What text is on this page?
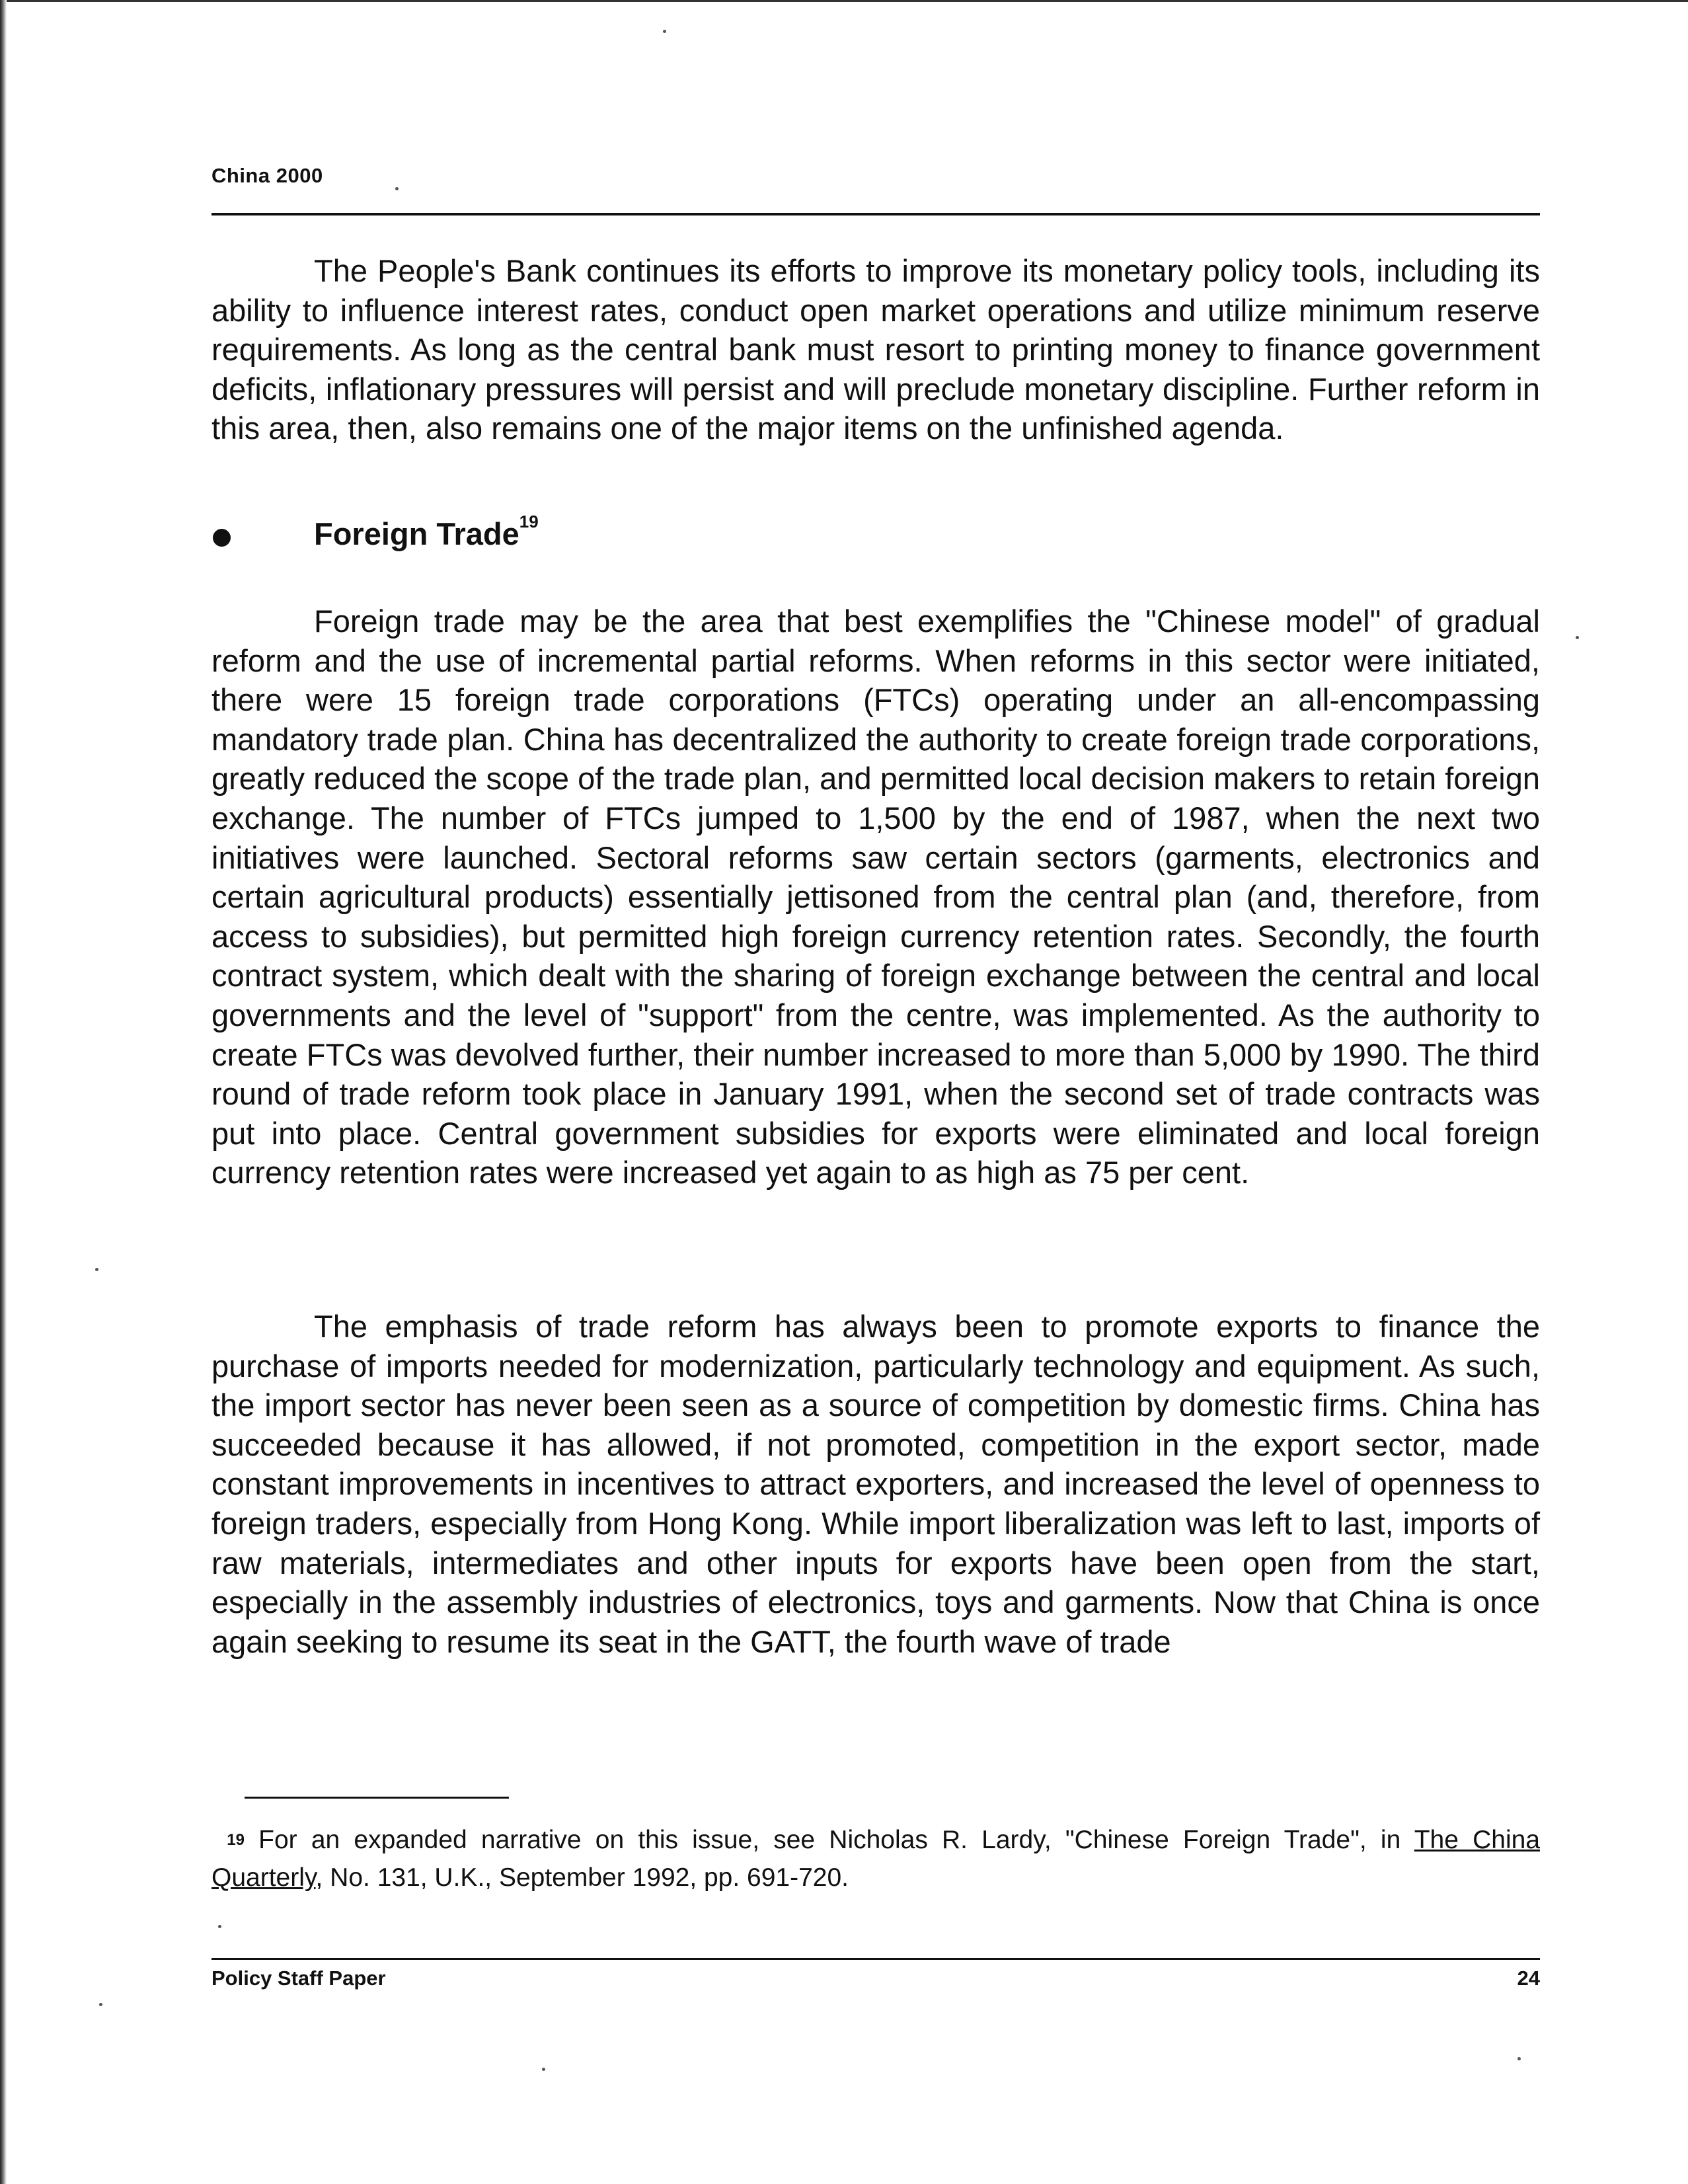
China 2000

The People's Bank continues its efforts to improve its monetary policy tools, including its ability to influence interest rates, conduct open market operations and utilize minimum reserve requirements. As long as the central bank must resort to printing money to finance government deficits, inflationary pressures will persist and will preclude monetary discipline. Further reform in this area, then, also remains one of the major items on the unfinished agenda.

Foreign Trade$^{19}$

Foreign trade may be the area that best exemplifies the "Chinese model" of gradual reform and the use of incremental partial reforms. When reforms in this sector were initiated, there were 15 foreign trade corporations (FTCs) operating under an all-encompassing mandatory trade plan. China has decentralized the authority to create foreign trade corporations, greatly reduced the scope of the trade plan, and permitted local decision makers to retain foreign exchange. The number of FTCs jumped to 1,500 by the end of 1987, when the next two initiatives were launched. Sectoral reforms saw certain sectors (garments, electronics and certain agricultural products) essentially jettisoned from the central plan (and, therefore, from access to subsidies), but permitted high foreign currency retention rates. Secondly, the fourth contract system, which dealt with the sharing of foreign exchange between the central and local governments and the level of "support" from the centre, was implemented. As the authority to create FTCs was devolved further, their number increased to more than 5,000 by 1990. The third round of trade reform took place in January 1991, when the second set of trade contracts was put into place. Central government subsidies for exports were eliminated and local foreign currency retention rates were increased yet again to as high as 75 per cent.

The emphasis of trade reform has always been to promote exports to finance the purchase of imports needed for modernization, particularly technology and equipment. As such, the import sector has never been seen as a source of competition by domestic firms. China has succeeded because it has allowed, if not promoted, competition in the export sector, made constant improvements in incentives to attract exporters, and increased the level of openness to foreign traders, especially from Hong Kong. While import liberalization was left to last, imports of raw materials, intermediates and other inputs for exports have been open from the start, especially in the assembly industries of electronics, toys and garments. Now that China is once again seeking to resume its seat in the GATT, the fourth wave of trade

19 For an expanded narrative on this issue, see Nicholas R. Lardy, "Chinese Foreign Trade", in The China Quarterly, No. 131, U.K., September 1992, pp. 691-720.

Policy Staff Paper	24
